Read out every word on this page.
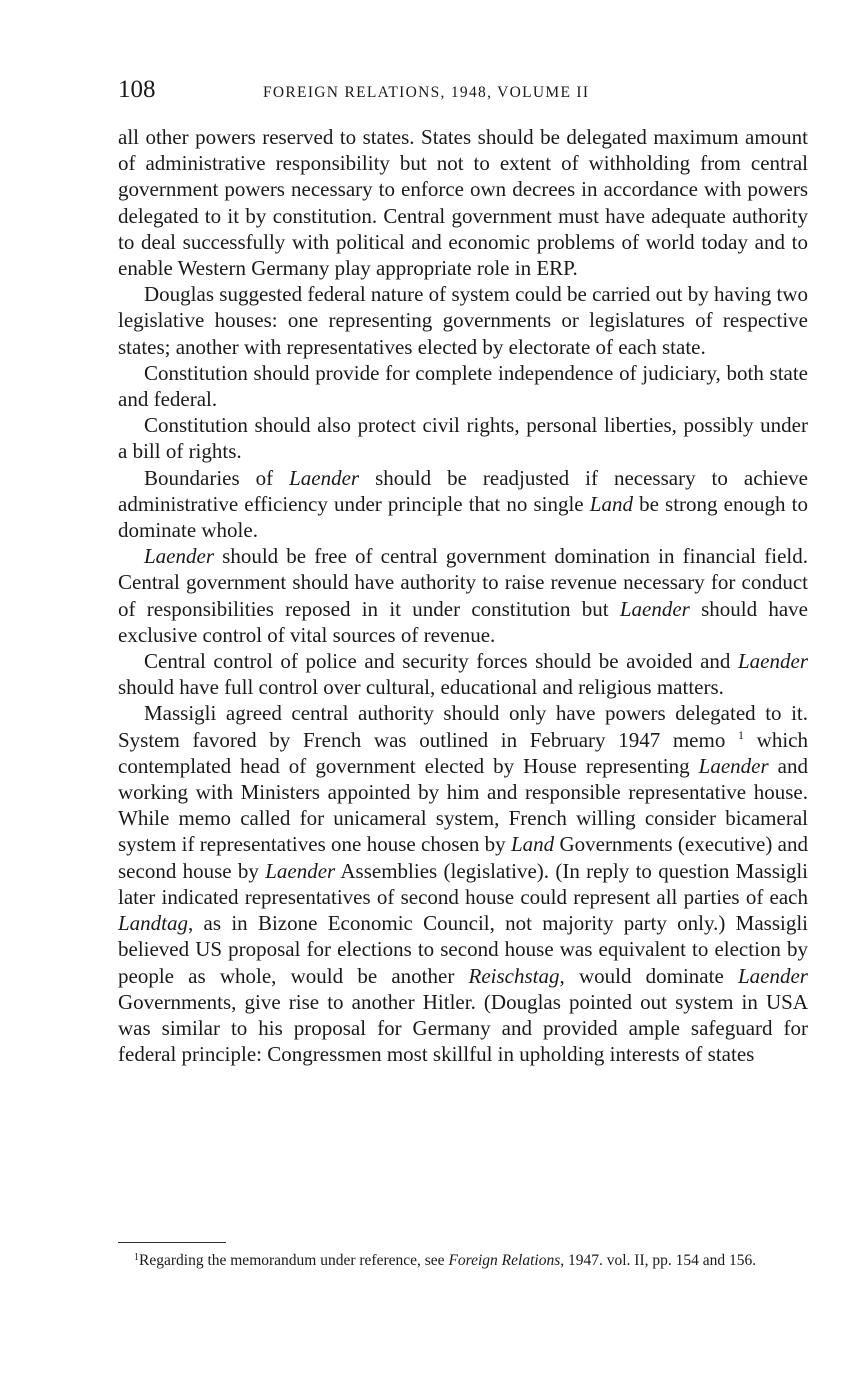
108	FOREIGN RELATIONS, 1948, VOLUME II

all other powers reserved to states. States should be delegated maximum amount of administrative responsibility but not to extent of withholding from central government powers necessary to enforce own decrees in accordance with powers delegated to it by constitution. Central government must have adequate authority to deal successfully with political and economic problems of world today and to enable Western Germany play appropriate role in ERP.

Douglas suggested federal nature of system could be carried out by having two legislative houses: one representing governments or legislatures of respective states; another with representatives elected by electorate of each state.

Constitution should provide for complete independence of judiciary, both state and federal.

Constitution should also protect civil rights, personal liberties, possibly under a bill of rights.

Boundaries of Laender should be readjusted if necessary to achieve administrative efficiency under principle that no single Land be strong enough to dominate whole.

Laender should be free of central government domination in financial field. Central government should have authority to raise revenue necessary for conduct of responsibilities reposed in it under constitution but Laender should have exclusive control of vital sources of revenue.

Central control of police and security forces should be avoided and Laender should have full control over cultural, educational and religious matters.

Massigli agreed central authority should only have powers delegated to it. System favored by French was outlined in February 1947 memo $^1$ which contemplated head of government elected by House representing Laender and working with Ministers appointed by him and responsible representative house. While memo called for unicameral system, French willing consider bicameral system if representatives one house chosen by Land Governments (executive) and second house by Laender Assemblies (legislative). (In reply to question Massigli later indicated representatives of second house could represent all parties of each Landtag, as in Bizone Economic Council, not majority party only.) Massigli believed US proposal for elections to second house was equivalent to election by people as whole, would be another Reischstag, would dominate Laender Governments, give rise to another Hitler. (Douglas pointed out system in USA was similar to his proposal for Germany and provided ample safeguard for federal principle: Congressmen most skillful in upholding interests of states

$^1$Regarding the memorandum under reference, see Foreign Relations, 1947. vol. II, pp. 154 and 156.
